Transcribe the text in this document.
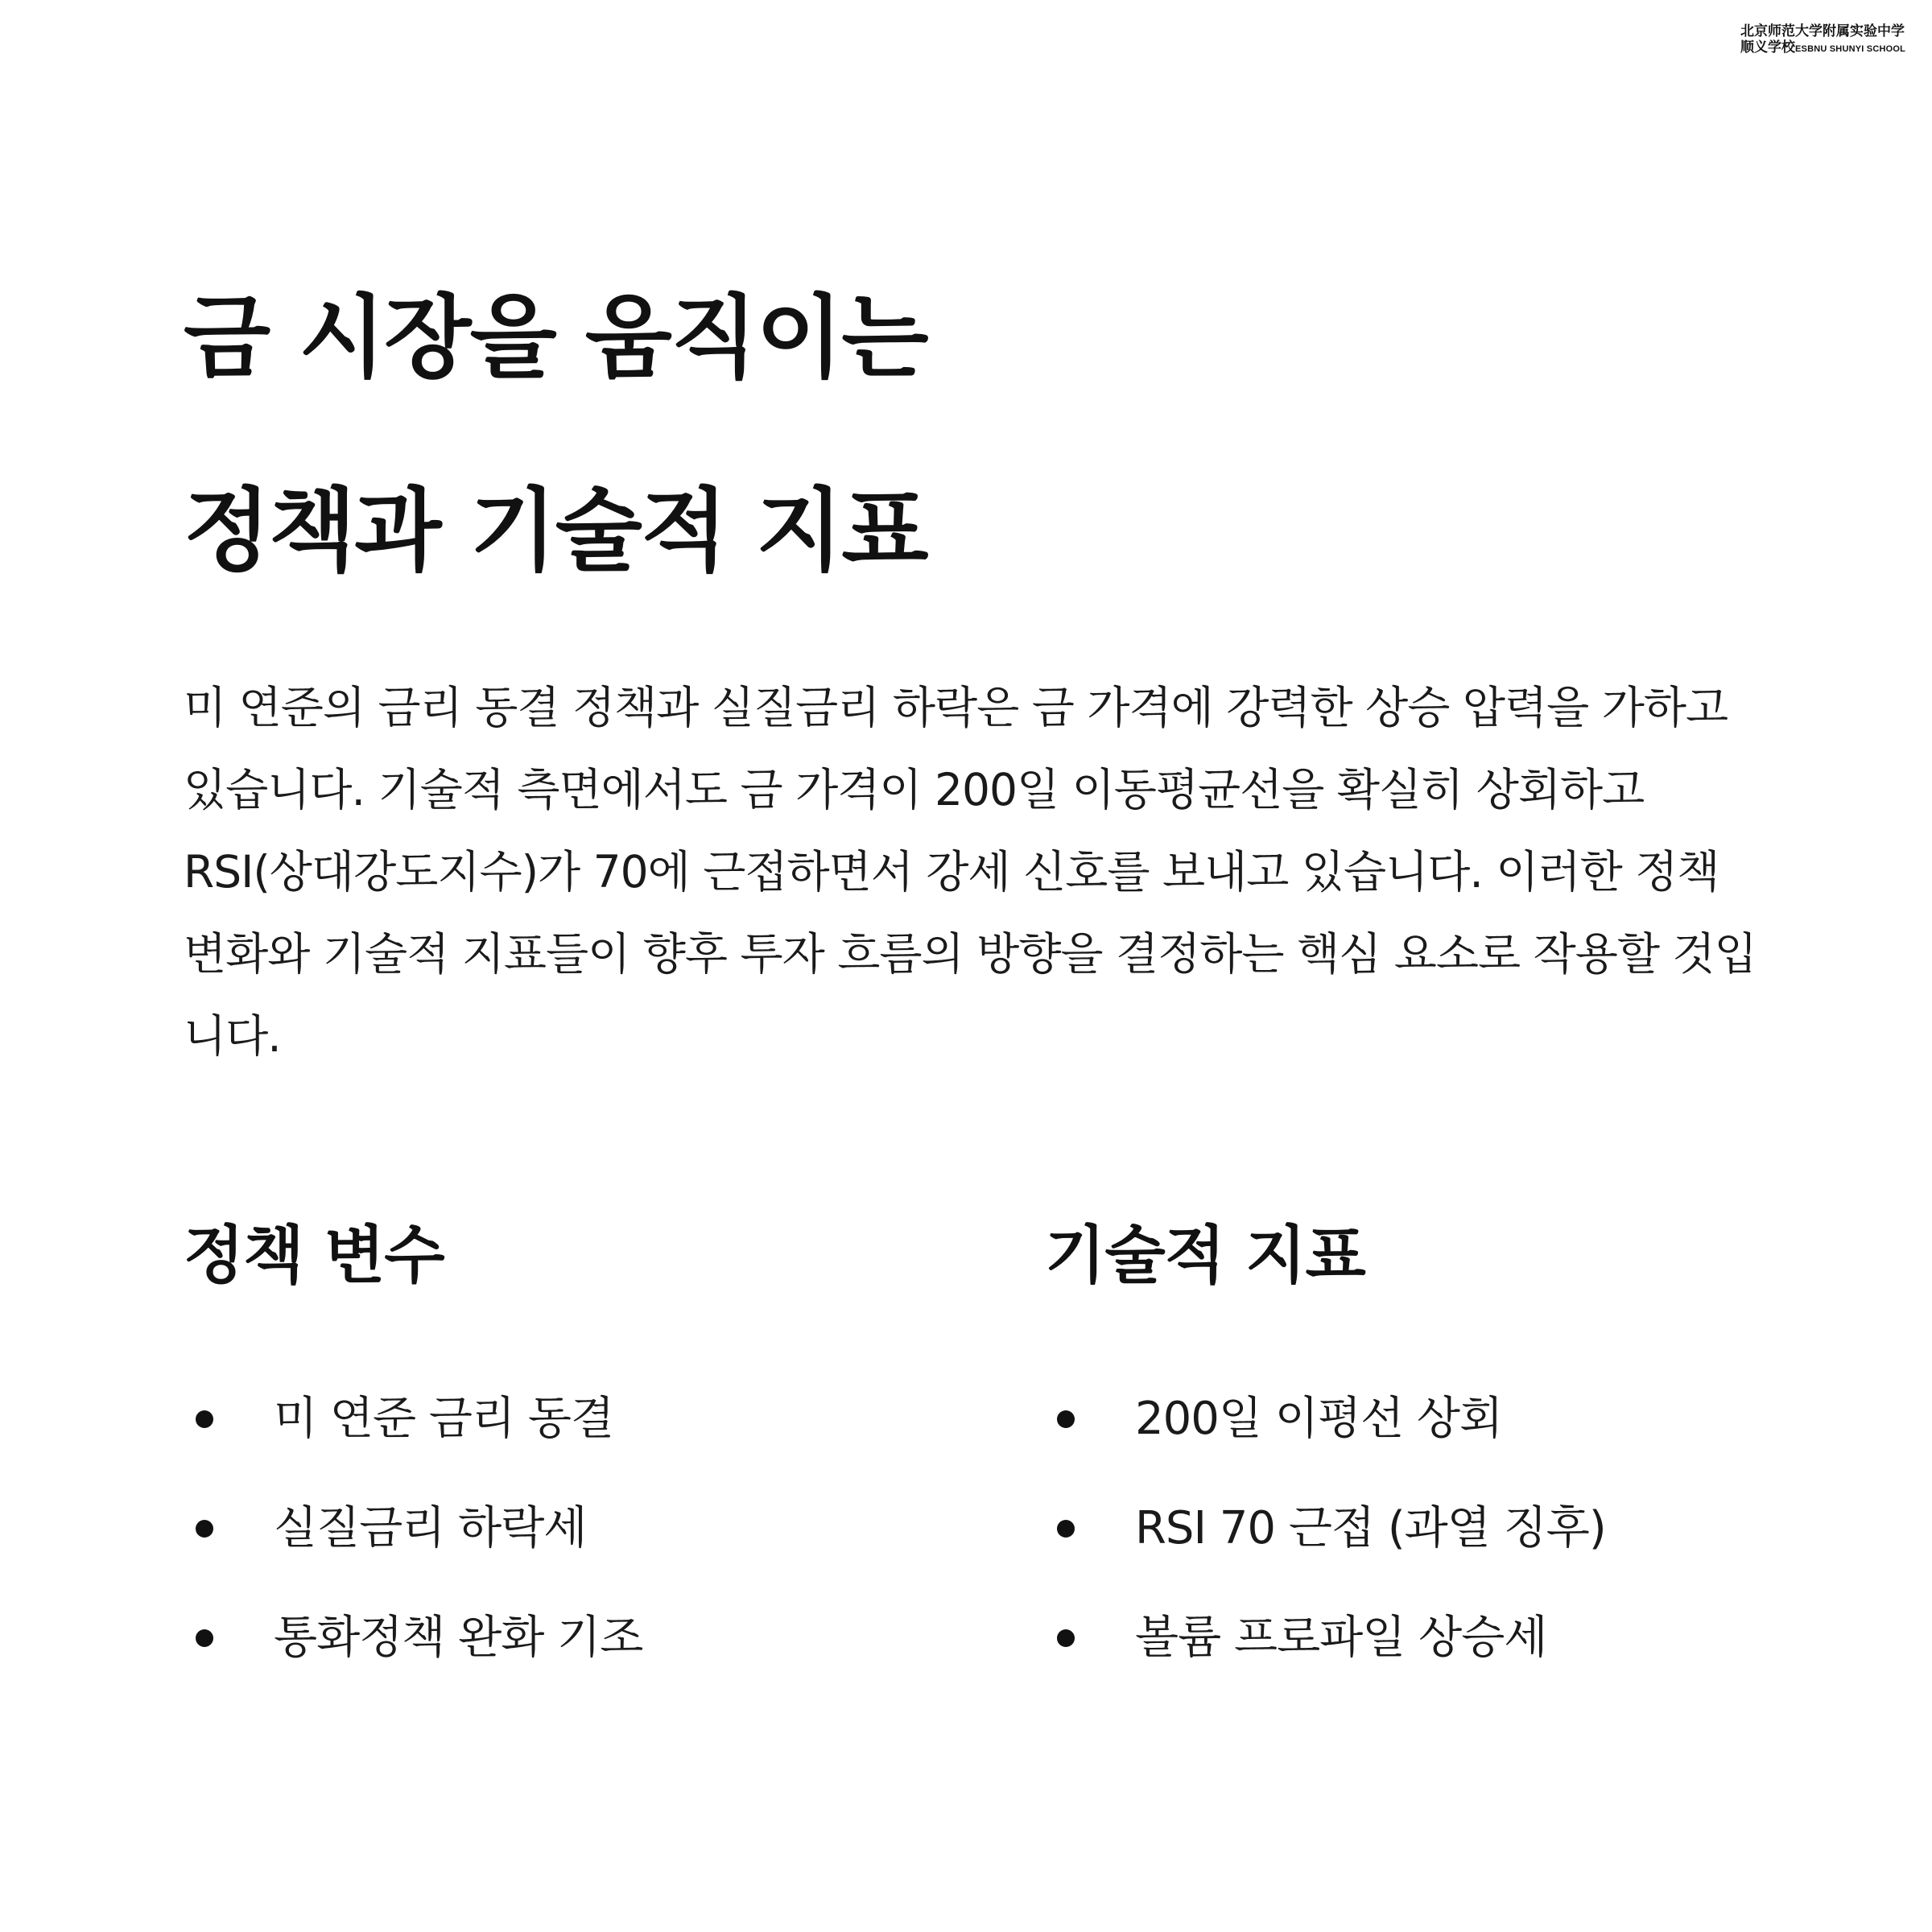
北京师范大学附属实验中学
顺义学校ESBNU SHUNYI SCHOOL
금 시장을 움직이는
정책과 기술적 지표

미 연준의 금리 동결 정책과 실질금리 하락은 금 가격에 강력한 상승 압력을 가하고 있습니다. 기술적 측면에서도 금 가격이 200일 이동평균선을 확실히 상회하고 RSI(상대강도지수)가 70에 근접하면서 강세 신호를 보내고 있습니다. 이러한 정책 변화와 기술적 지표들이 향후 투자 흐름의 방향을 결정하는 핵심 요소로 작용할 것입니다.

정책 변수
미 연준 금리 동결
실질금리 하락세
통화정책 완화 기조
기술적 지표
200일 이평선 상회
RSI 70 근접 (과열 징후)
볼륨 프로파일 상승세
